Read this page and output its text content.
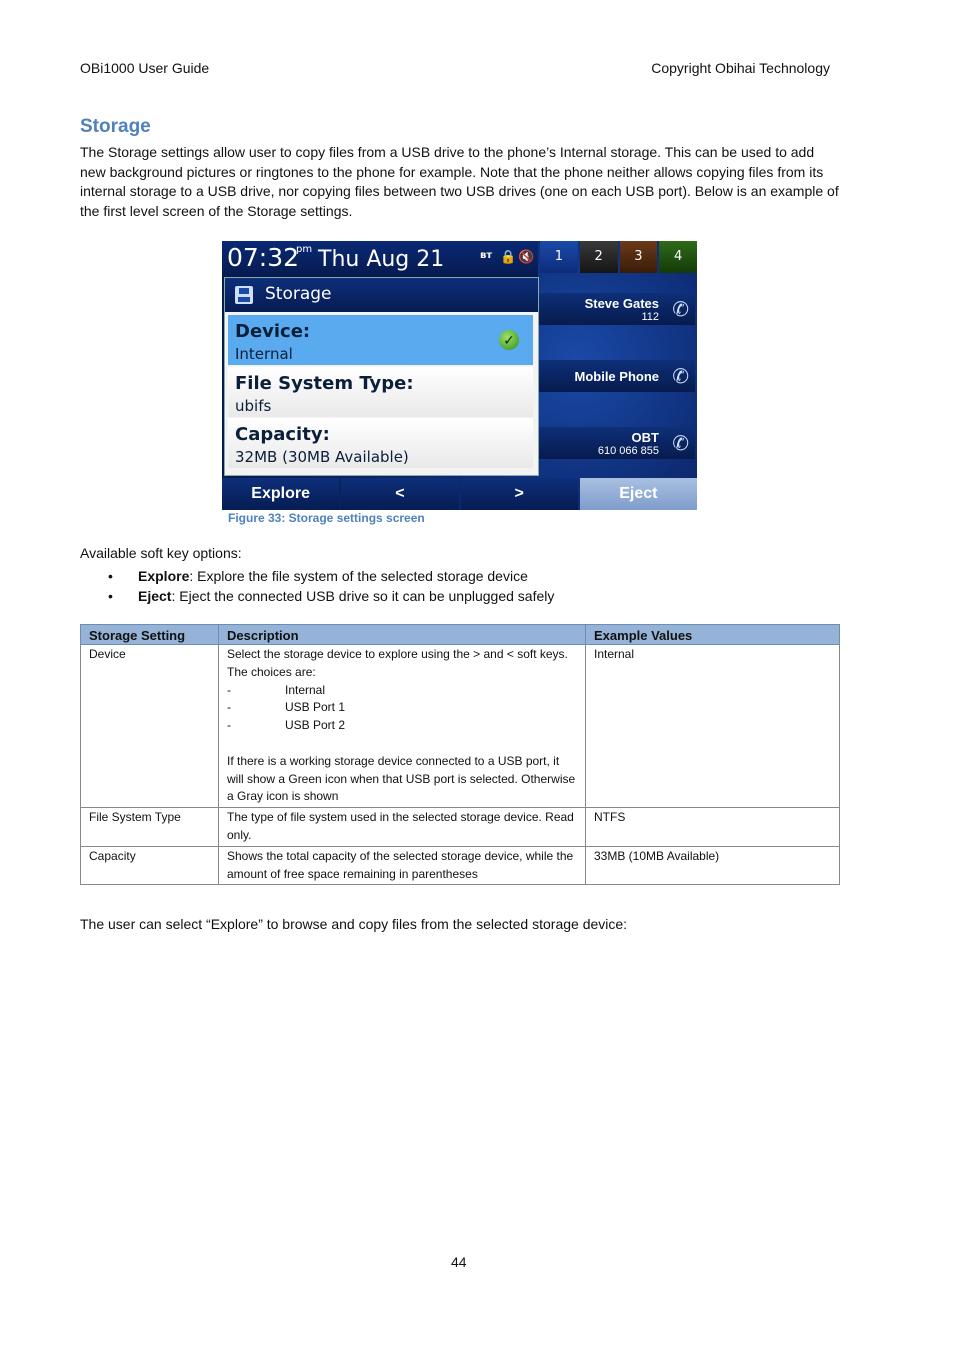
OBi1000 User Guide	Copyright Obihai Technology
Storage
The Storage settings allow user to copy files from a USB drive to the phone’s Internal storage. This can be used to add new background pictures or ringtones to the phone for example. Note that the phone neither allows copying files from its internal storage to a USB drive, nor copying files between two USB drives (one on each USB port). Below is an example of the first level screen of the Storage settings.
07:32
pm Thu Aug 21	ʙᴛ 🔒 🔇	1	2	3	4
Storage
Device:
Internal
✓
File System Type:
ubifs
Capacity:
32MB (30MB Available)
Steve Gates
112 ✆
Mobile Phone ✆
OBT
610 066 855 ✆
Explore	<	>	Eject
Figure 33: Storage settings screen
Available soft key options:
• Explore: Explore the file system of the selected storage device
• Eject: Eject the connected USB drive so it can be unplugged safely
Storage Setting	Description	Example Values
Device	Select the storage device to explore using the > and < soft keys. The choices are:
- Internal
- USB Port 1
- USB Port 2
If there is a working storage device connected to a USB port, it will show a Green icon when that USB port is selected. Otherwise a Gray icon is shown	Internal
File System Type	The type of file system used in the selected storage device. Read only.	NTFS
Capacity	Shows the total capacity of the selected storage device, while the amount of free space remaining in parentheses	33MB (10MB Available)
The user can select “Explore” to browse and copy files from the selected storage device:
44
